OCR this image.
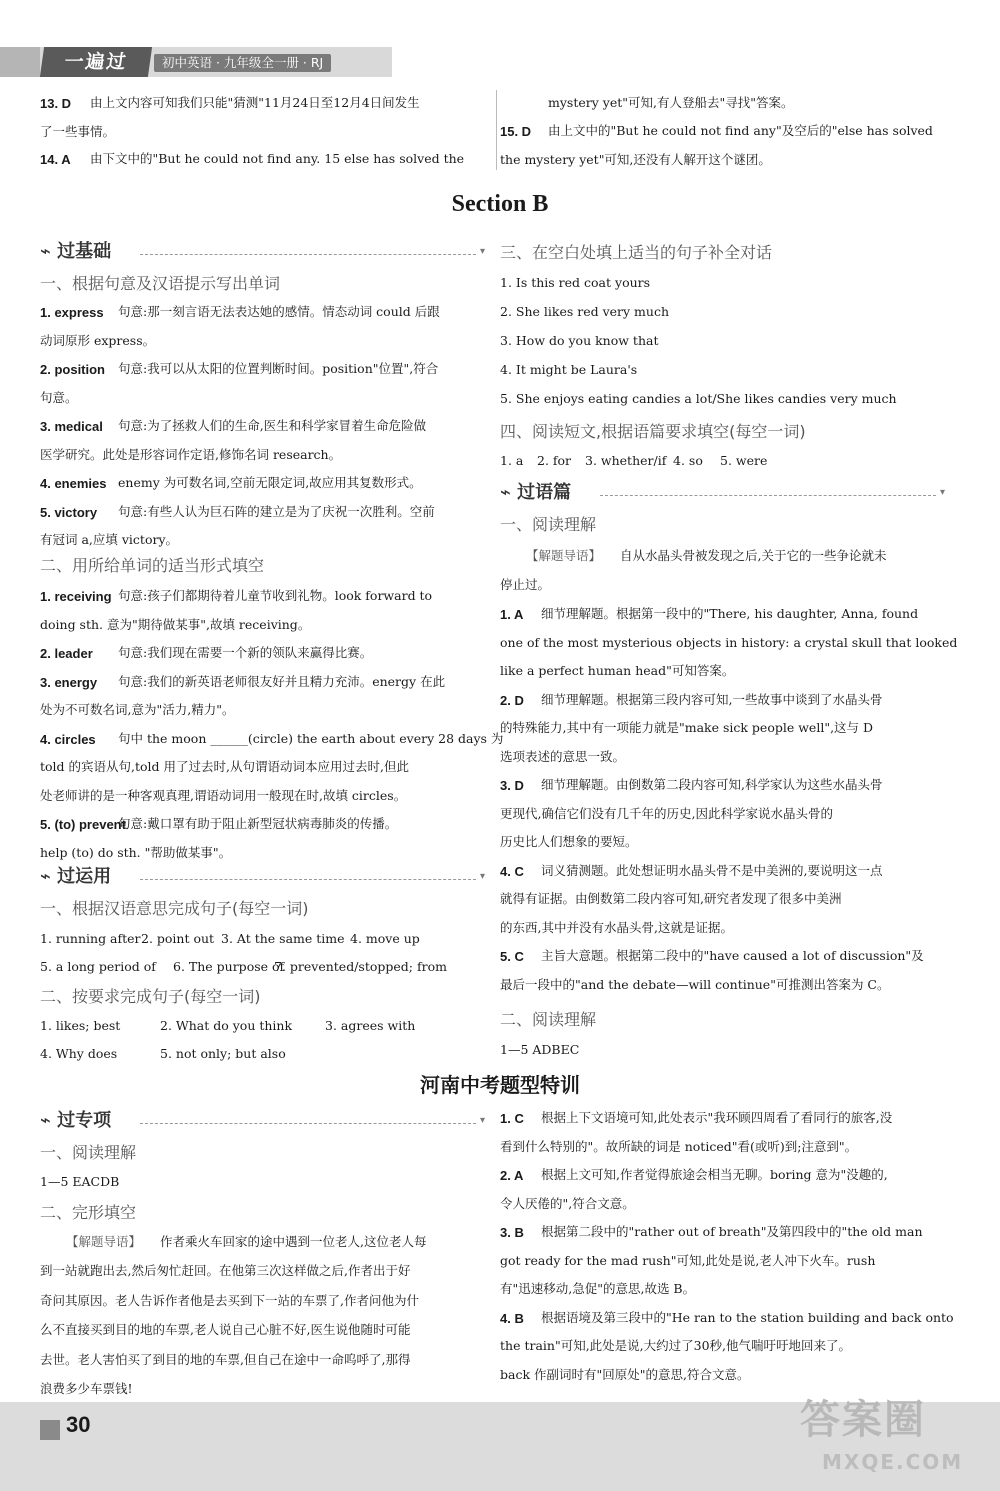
一遍过	初中英语 · 九年级全一册 · RJ
Section B
河南中考题型特训
30	答案圈
MXQE.COM
13. D 由上文内容可知我们只能"猜测"11月24日至12月4日间发生
了一些事情。
14. A 由下文中的"But he could not find any. 15 else has solved the
mystery yet"可知,有人登船去"寻找"答案。
15. D 由上文中的"But he could not find any"及空后的"else has solved
the mystery yet"可知,还没有人解开这个谜团。
⌁ 过基础	▾
一、根据句意及汉语提示写出单词
1. express 句意:那一刻言语无法表达她的感情。情态动词 could 后跟
动词原形 express。
2. position 句意:我可以从太阳的位置判断时间。position"位置",符合
句意。
3. medical 句意:为了拯救人们的生命,医生和科学家冒着生命危险做
医学研究。此处是形容词作定语,修饰名词 research。
4. enemies enemy 为可数名词,空前无限定词,故应用其复数形式。
5. victory 句意:有些人认为巨石阵的建立是为了庆祝一次胜利。空前
有冠词 a,应填 victory。
二、用所给单词的适当形式填空
1. receiving 句意:孩子们都期待着儿童节收到礼物。look forward to
doing sth. 意为"期待做某事",故填 receiving。
2. leader 句意:我们现在需要一个新的领队来赢得比赛。
3. energy 句意:我们的新英语老师很友好并且精力充沛。energy 在此
处为不可数名词,意为"活力,精力"。
4. circles 句中 the moon ______(circle) the earth about every 28 days 为
told 的宾语从句,told 用了过去时,从句谓语动词本应用过去时,但此
处老师讲的是一种客观真理,谓语动词用一般现在时,故填 circles。
5. (to) prevent
句意:戴口罩有助于阻止新型冠状病毒肺炎的传播。
help (to) do sth. "帮助做某事"。
⌁ 过运用	▾
一、根据汉语意思完成句子(每空一词)
1. running after 2. point out 3. At the same time 4. move up
5. a long period of 6. The purpose of
7. prevented/stopped; from
二、按要求完成句子(每空一词)
1. likes; best	2. What do you think	3. agrees with
4. Why does	5. not only; but also
三、在空白处填上适当的句子补全对话
1. Is this red coat yours
2. She likes red very much
3. How do you know that
4. It might be Laura's
5. She enjoys eating candies a lot/She likes candies very much
四、阅读短文,根据语篇要求填空(每空一词)
1. a 2. for 3. whether/if 4. so 5. were
⌁ 过语篇	▾
一、阅读理解
【解题导语】 自从水晶头骨被发现之后,关于它的一些争论就未
停止过。
1. A 细节理解题。根据第一段中的"There, his daughter, Anna, found
one of the most mysterious objects in history: a crystal skull that looked
like a perfect human head"可知答案。
2. D 细节理解题。根据第三段内容可知,一些故事中谈到了水晶头骨
的特殊能力,其中有一项能力就是"make sick people well",这与 D
选项表述的意思一致。
3. D 细节理解题。由倒数第二段内容可知,科学家认为这些水晶头骨
更现代,确信它们没有几千年的历史,因此科学家说水晶头骨的
历史比人们想象的要短。
4. C 词义猜测题。此处想证明水晶头骨不是中美洲的,要说明这一点
就得有证据。由倒数第二段内容可知,研究者发现了很多中美洲
的东西,其中并没有水晶头骨,这就是证据。
5. C 主旨大意题。根据第二段中的"have caused a lot of discussion"及
最后一段中的"and the debate—will continue"可推测出答案为 C。
二、阅读理解
1—5 ADBEC
⌁ 过专项	▾
一、阅读理解
1—5 EACDB
二、完形填空
【解题导语】 作者乘火车回家的途中遇到一位老人,这位老人每
到一站就跑出去,然后匆忙赶回。在他第三次这样做之后,作者出于好
奇问其原因。老人告诉作者他是去买到下一站的车票了,作者问他为什
么不直接买到目的地的车票,老人说自己心脏不好,医生说他随时可能
去世。老人害怕买了到目的地的车票,但自己在途中一命呜呼了,那得
浪费多少车票钱!
1. C 根据上下文语境可知,此处表示"我环顾四周看了看同行的旅客,没
看到什么特别的"。故所缺的词是 noticed"看(或听)到;注意到"。
2. A 根据上文可知,作者觉得旅途会相当无聊。boring 意为"没趣的,
令人厌倦的",符合文意。
3. B 根据第二段中的"rather out of breath"及第四段中的"the old man
got ready for the mad rush"可知,此处是说,老人冲下火车。rush
有"迅速移动,急促"的意思,故选 B。
4. B 根据语境及第三段中的"He ran to the station building and back onto
the train"可知,此处是说,大约过了30秒,他气喘吁吁地回来了。
back 作副词时有"回原处"的意思,符合文意。
